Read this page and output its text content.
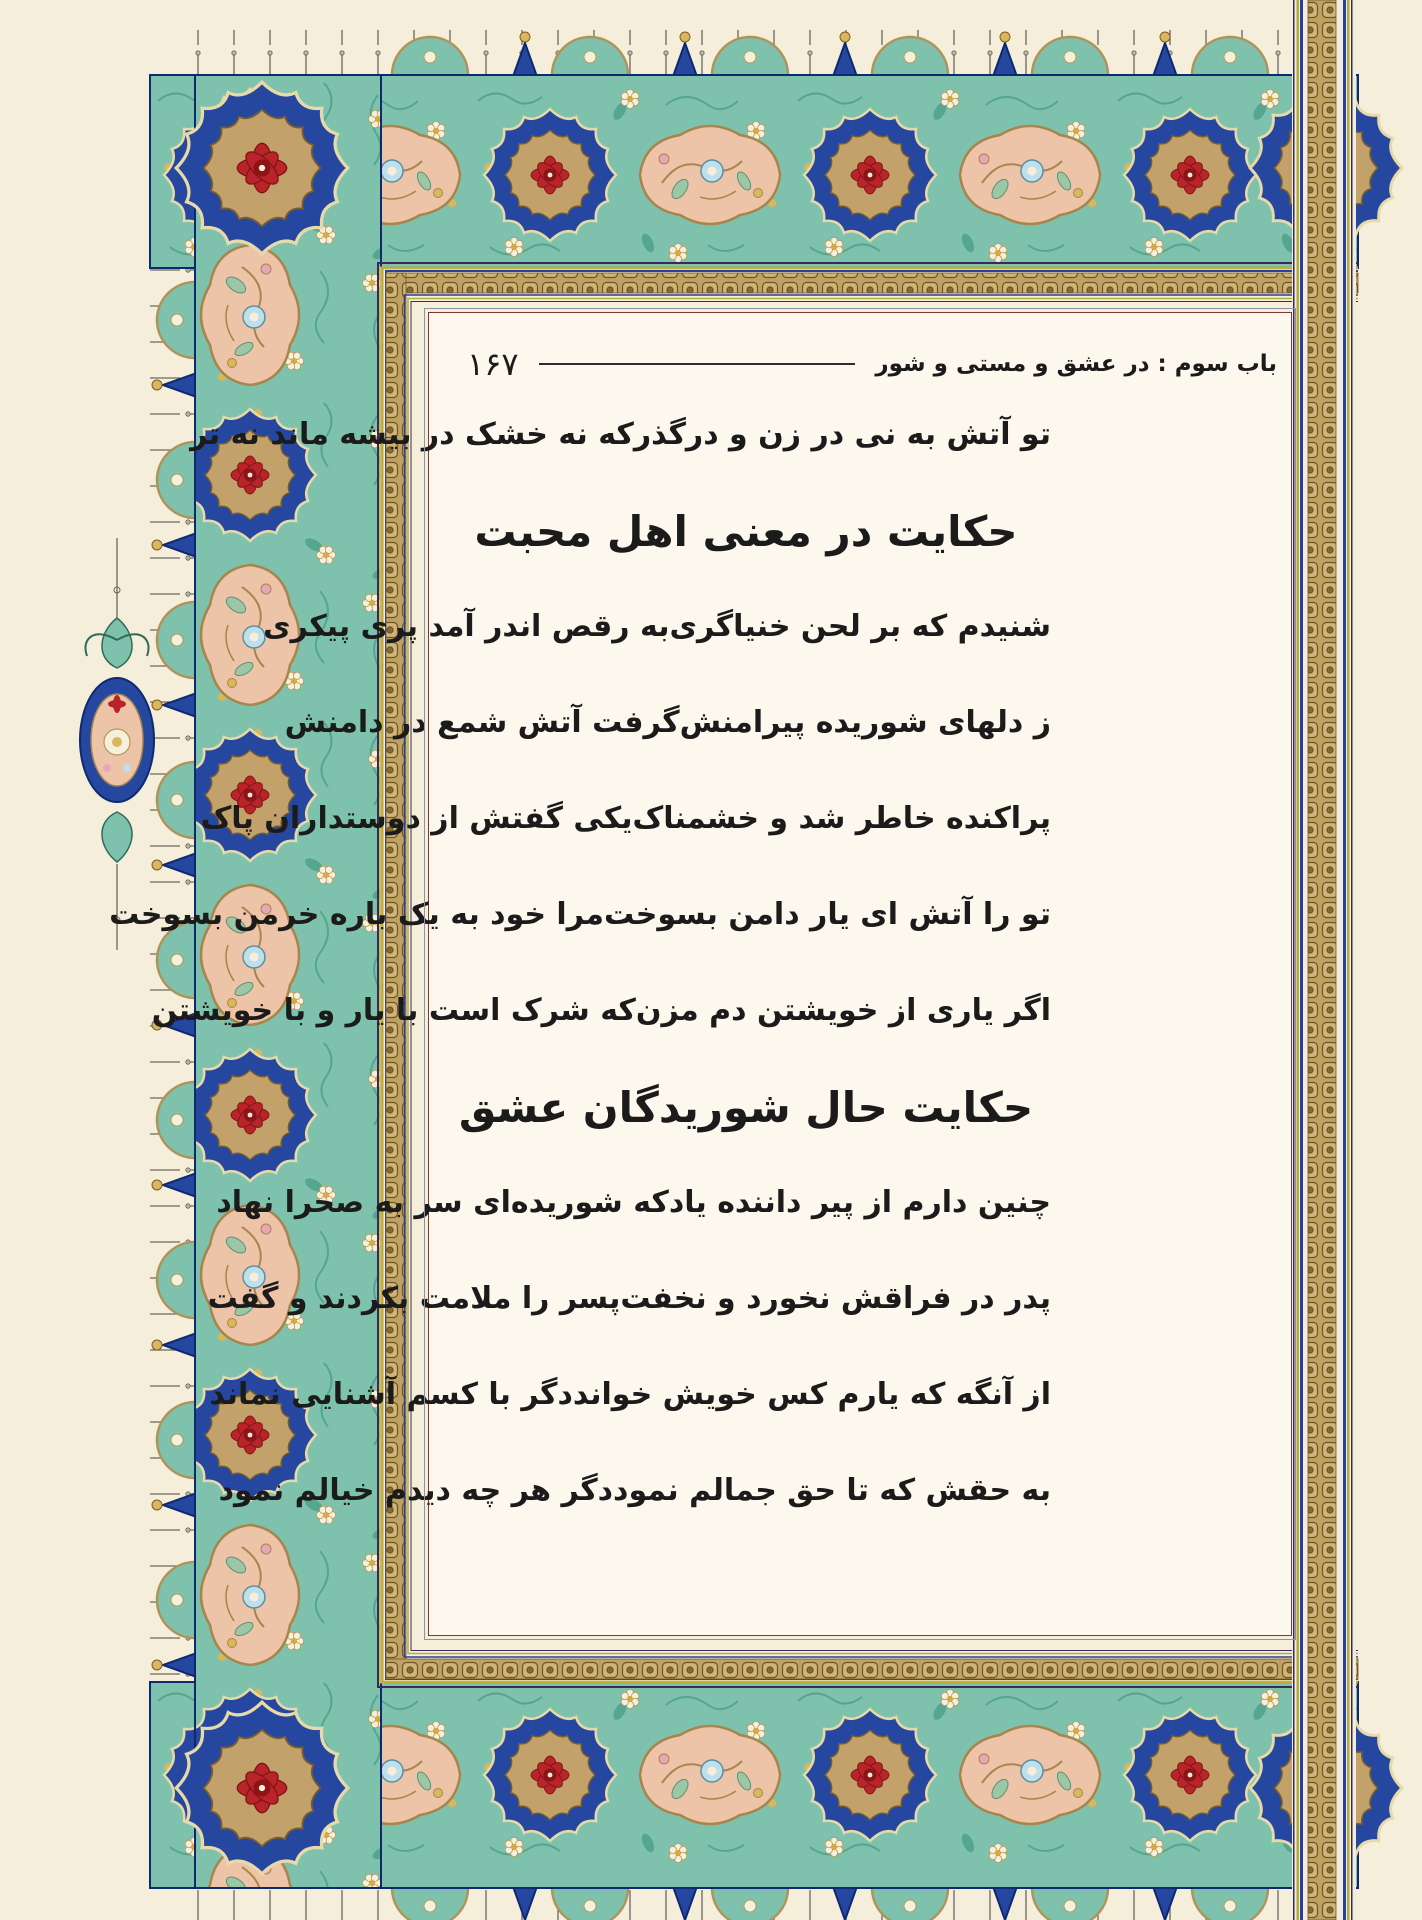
باب سوم : در عشق و مستی و شور
۱۶۷
تو آتش به نی در زن و درگذر
که نه خشک در بیشه ماند نه تر
حکایت در معنی اهل محبت
شنیدم که بر لحن خنیاگری
به رقص اندر آمد پری پیکری
ز دلهای شوریده پیرامنش
گرفت آتش شمع در دامنش
پراکنده خاطر شد و خشمناک
یکی گفتش از دوستداران پاک
تو را آتش ای یار دامن بسوخت
مرا خود به یک باره خرمن بسوخت
اگر یاری از خویشتن دم مزن
که شرک است با یار و با خویشتن
حکایت حال شوریدگان عشق
چنین دارم از پیر داننده یاد
که شوریده‌ای سر به صحرا نهاد
پدر در فراقش نخورد و نخفت
پسر را ملامت بکردند و گفت
از آنگه که یارم کس خویش خواند
دگر با کسم آشنایی نماند
به حقش که تا حق جمالم نمود
دگر هر چه دیدم خیالم نمود
